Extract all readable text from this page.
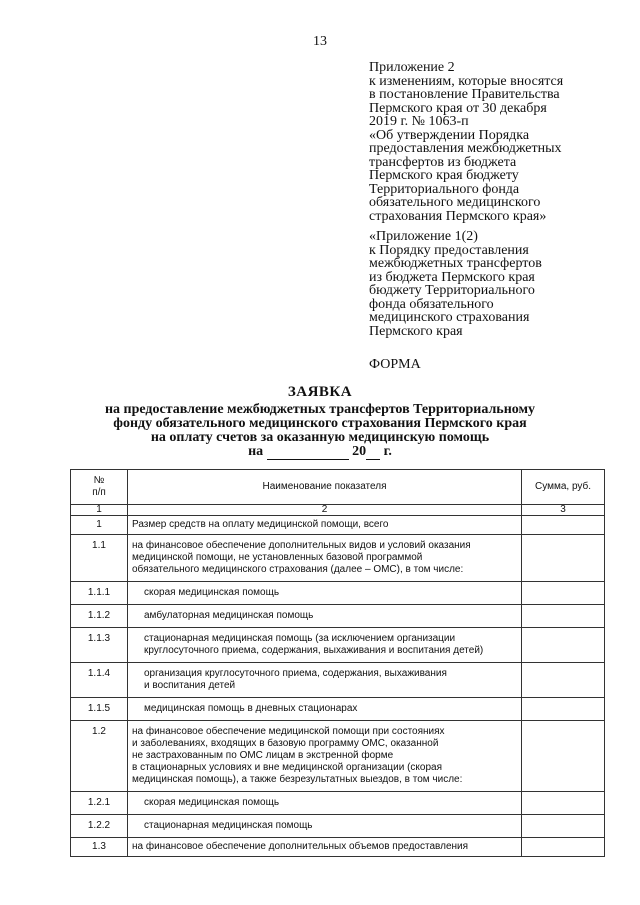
13
Приложение 2
к изменениям, которые вносятся
в постановление Правительства
Пермского края от 30 декабря
2019 г. № 1063-п
«Об утверждении Порядка
предоставления межбюджетных
трансфертов из бюджета
Пермского края бюджету
Территориального фонда
обязательного медицинского
страхования Пермского края»
«Приложение 1(2)
к Порядку предоставления
межбюджетных трансфертов
из бюджета Пермского края
бюджету Территориального
фонда обязательного
медицинского страхования
Пермского края
ФОРМА
ЗАЯВКА
на предоставление межбюджетных трансфертов Территориальному
фонду обязательного медицинского страхования Пермского края
на оплату счетов за оказанную медицинскую помощь
на	20 г.
№
п/п	Наименование показателя	Сумма, руб.
1	2	3
1	Размер средств на оплату медицинской помощи, всего	

1.1	на финансовое обеспечение дополнительных видов и условий оказания
медицинской помощи, не установленных базовой программой
обязательного медицинского страхования (далее – ОМС), в том числе:	

1.1.1	скорая медицинская помощь	

1.1.2	амбулаторная медицинская помощь	

1.1.3	стационарная медицинская помощь (за исключением организации
круглосуточного приема, содержания, выхаживания и воспитания детей)	

1.1.4	организация круглосуточного приема, содержания, выхаживания
и воспитания детей	

1.1.5	медицинская помощь в дневных стационарах	

1.2	на финансовое обеспечение медицинской помощи при состояниях
и заболеваниях, входящих в базовую программу ОМС, оказанной
не застрахованным по ОМС лицам в экстренной форме
в стационарных условиях и вне медицинской организации (скорая
медицинская помощь), а также безрезультатных выездов, в том числе:	

1.2.1	скорая медицинская помощь	

1.2.2	стационарная медицинская помощь	

1.3	на финансовое обеспечение дополнительных объемов предоставления	
